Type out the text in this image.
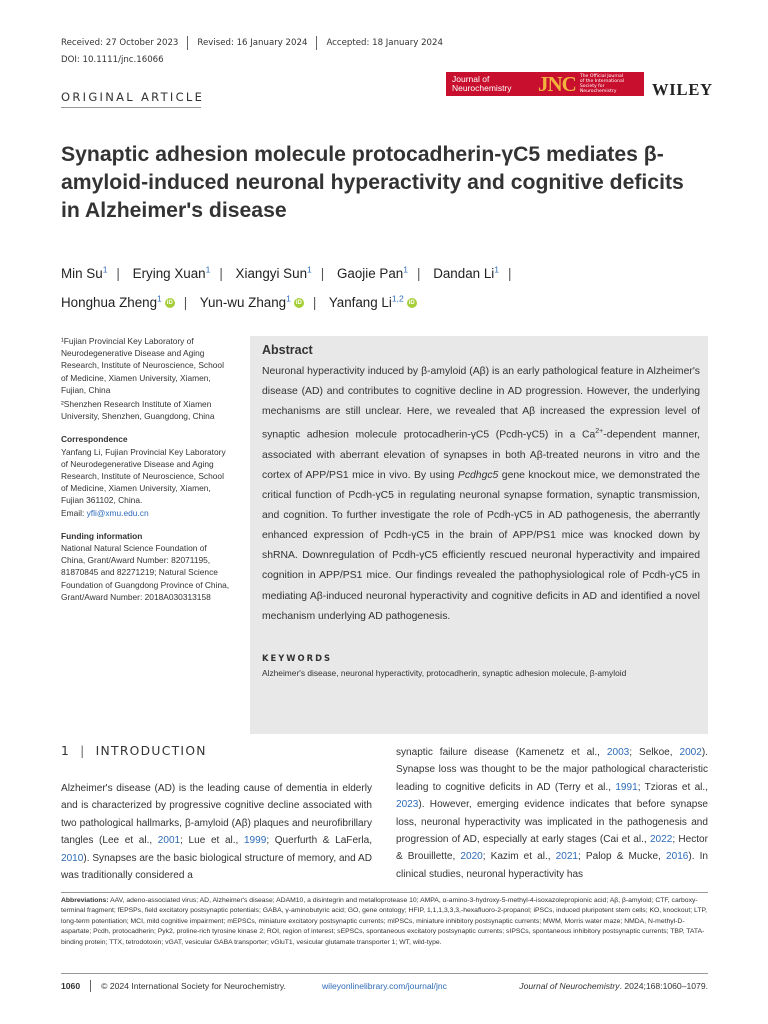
Received: 27 October 2023 Revised: 16 January 2024 Accepted: 18 January 2024
DOI: 10.1111/jnc.16066
ORIGINAL ARTICLE
Journal of
Neurochemistry	JNC The Official Journal of the International Society for Neurochemistry	WILEY
Synaptic adhesion molecule protocadherin-γC5 mediates β-amyloid-induced neuronal hyperactivity and cognitive deficits in Alzheimer's disease
Min Su$^1$ | Erying Xuan$^1$ | Xiangyi Sun$^1$ | Gaojie Pan$^1$ | Dandan Li$^1$ |
Honghua Zheng$^1$ iD | Yun-wu Zhang$^1$ iD | Yanfang Li$^{1,2}$ iD

¹Fujian Provincial Key Laboratory of Neurodegenerative Disease and Aging Research, Institute of Neuroscience, School of Medicine, Xiamen University, Xiamen, Fujian, China

²Shenzhen Research Institute of Xiamen University, Shenzhen, Guangdong, China

Correspondence

Yanfang Li, Fujian Provincial Key Laboratory of Neurodegenerative Disease and Aging Research, Institute of Neuroscience, School of Medicine, Xiamen University, Xiamen, Fujian 361102, China.
Email: yfli@xmu.edu.cn

Funding information

National Natural Science Foundation of China, Grant/Award Number: 82071195, 81870845 and 82271219; Natural Science Foundation of Guangdong Province of China, Grant/Award Number: 2018A030313158

Abstract
Neuronal hyperactivity induced by β-amyloid (Aβ) is an early pathological feature in Alzheimer's disease (AD) and contributes to cognitive decline in AD progression. However, the underlying mechanisms are still unclear. Here, we revealed that Aβ increased the expression level of synaptic adhesion molecule protocadherin-γC5 (Pcdh-γC5) in a $Ca^{2+}$-dependent manner, associated with aberrant elevation of synapses in both Aβ-treated neurons in vitro and the cortex of APP/PS1 mice in vivo. By using Pcdhgc5 gene knockout mice, we demonstrated the critical function of Pcdh-γC5 in regulating neuronal synapse formation, synaptic transmission, and cognition. To further investigate the role of Pcdh-γC5 in AD pathogenesis, the aberrantly enhanced expression of Pcdh-γC5 in the brain of APP/PS1 mice was knocked down by shRNA. Downregulation of Pcdh-γC5 efficiently rescued neuronal hyperactivity and impaired cognition in APP/PS1 mice. Our findings revealed the pathophysiological role of Pcdh-γC5 in mediating Aβ-induced neuronal hyperactivity and cognitive deficits in AD and identified a novel mechanism underlying AD pathogenesis.
KEYWORDS
Alzheimer's disease, neuronal hyperactivity, protocadherin, synaptic adhesion molecule, β-amyloid
1 | INTRODUCTION
Alzheimer's disease (AD) is the leading cause of dementia in elderly and is characterized by progressive cognitive decline associated with two pathological hallmarks, β-amyloid (Aβ) plaques and neurofibrillary tangles (Lee et al., 2001; Lue et al., 1999; Querfurth & LaFerla, 2010). Synapses are the basic biological structure of memory, and AD was traditionally considered a
synaptic failure disease (Kamenetz et al., 2003; Selkoe, 2002). Synapse loss was thought to be the major pathological characteristic leading to cognitive deficits in AD (Terry et al., 1991; Tzioras et al., 2023). However, emerging evidence indicates that before synapse loss, neuronal hyperactivity was implicated in the pathogenesis and progression of AD, especially at early stages (Cai et al., 2022; Hector & Brouillette, 2020; Kazim et al., 2021; Palop & Mucke, 2016). In clinical studies, neuronal hyperactivity has
Abbreviations: AAV, adeno-associated virus; AD, Alzheimer's disease; ADAM10, a disintegrin and metalloprotease 10; AMPA, α-amino-3-hydroxy-5-methyl-4-isoxazolepropionic acid; Aβ, β-amyloid; CTF, carboxy-terminal fragment; fEPSPs, field excitatory postsynaptic potentials; GABA, γ-aminobutyric acid; GO, gene ontology; HFIP, 1,1,1,3,3,3,-hexafluoro-2-propanol; iPSCs, induced pluripotent stem cells; KO, knockout; LTP, long-term potentiation; MCI, mild cognitive impairment; mEPSCs, miniature excitatory postsynaptic currents; mIPSCs, miniature inhibitory postsynaptic currents; MWM, Morris water maze; NMDA, N-methyl-D-aspartate; Pcdh, protocadherin; Pyk2, proline-rich tyrosine kinase 2; ROI, region of interest; sEPSCs, spontaneous excitatory postsynaptic currents; sIPSCs, spontaneous inhibitory postsynaptic currents; TBP, TATA-binding protein; TTX, tetrodotoxin; vGAT, vesicular GABA transporter; vGluT1, vesicular glutamate transporter 1; WT, wild-type.
1060 © 2024 International Society for Neurochemistry.	wileyonlinelibrary.com/journal/jnc	Journal of Neurochemistry. 2024;168:1060–1079.
